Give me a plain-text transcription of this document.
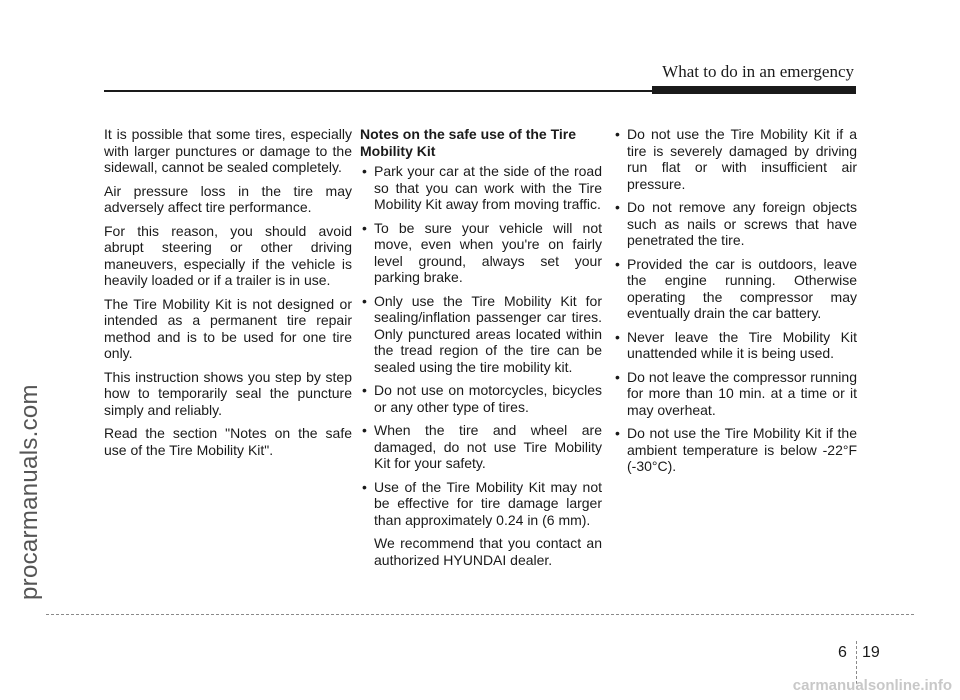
What to do in an emergency
procarmanuals.com

It is possible that some tires, especially with larger punctures or damage to the sidewall, cannot be sealed completely.

Air pressure loss in the tire may adversely affect tire performance.

For this reason, you should avoid abrupt steering or other driving maneuvers, especially if the vehicle is heavily loaded or if a trailer is in use.

The Tire Mobility Kit is not designed or intended as a permanent tire repair method and is to be used for one tire only.

This instruction shows you step by step how to temporarily seal the puncture simply and reliably.

Read the section "Notes on the safe use of the Tire Mobility Kit".

Notes on the safe use of the Tire Mobility Kit
• Park your car at the side of the road so that you can work with the Tire Mobility Kit away from moving traffic.
• To be sure your vehicle will not move, even when you're on fairly level ground, always set your parking brake.
• Only use the Tire Mobility Kit for sealing/inflation passenger car tires. Only punctured areas located within the tread region of the tire can be sealed using the tire mobility kit.
• Do not use on motorcycles, bicycles or any other type of tires.
• When the tire and wheel are damaged, do not use Tire Mobility Kit for your safety.
• Use of the Tire Mobility Kit may not be effective for tire damage larger than approximately 0.24 in (6 mm).

We recommend that you contact an authorized HYUNDAI dealer.

• Do not use the Tire Mobility Kit if a tire is severely damaged by driving run flat or with insufficient air pressure.
• Do not remove any foreign objects such as nails or screws that have penetrated the tire.
• Provided the car is outdoors, leave the engine running. Otherwise operating the compressor may eventually drain the car battery.
• Never leave the Tire Mobility Kit unattended while it is being used.
• Do not leave the compressor running for more than 10 min. at a time or it may overheat.
• Do not use the Tire Mobility Kit if the ambient temperature is below -22°F (-30°C).
6 19
carmanualsonline.info
